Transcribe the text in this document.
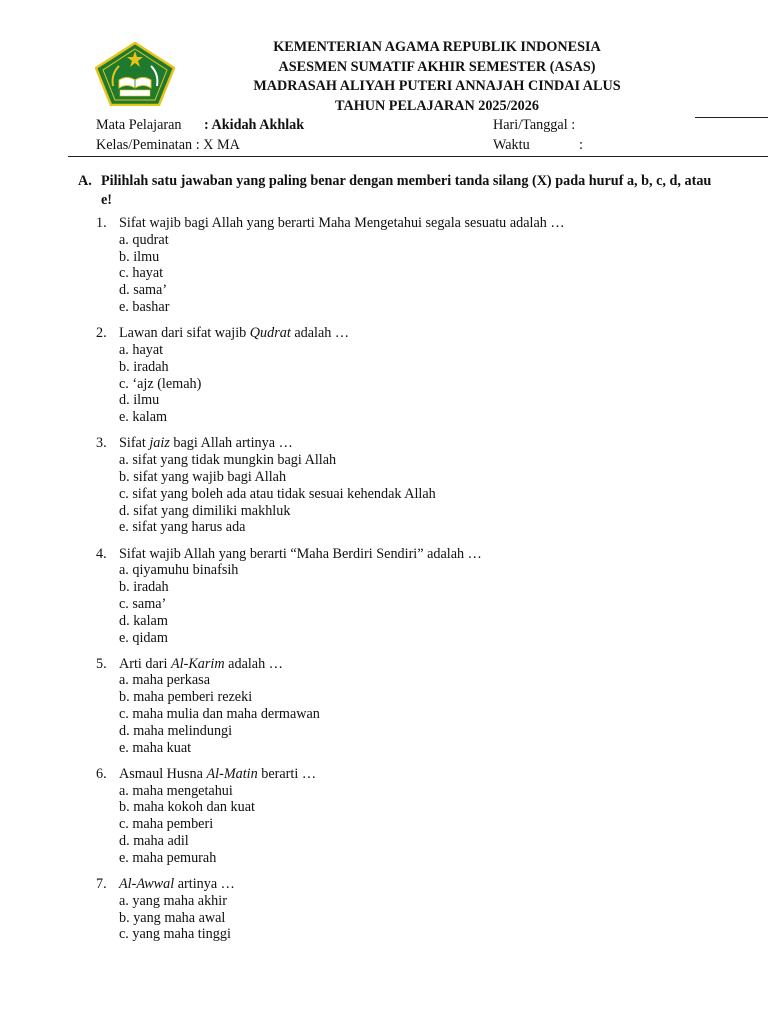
KEMENTERIAN AGAMA REPUBLIK INDONESIA
ASESMEN SUMATIF AKHIR SEMESTER (ASAS)
MADRASAH ALIYAH PUTERI ANNAJAH CINDAI ALUS
TAHUN PELAJARAN 2025/2026
Mata Pelajaran : Akidah Akhlak
Kelas/Peminatan : X MA
Hari/Tanggal :
Waktu	:
A. Pilihlah satu jawaban yang paling benar dengan memberi tanda silang (X) pada huruf a, b, c, d, atau e!
1. Sifat wajib bagi Allah yang berarti Maha Mengetahui segala sesuatu adalah …
a. qudrat
b. ilmu
c. hayat
d. sama’
e. bashar
2. Lawan dari sifat wajib Qudrat adalah …
a. hayat
b. iradah
c. ‘ajz (lemah)
d. ilmu
e. kalam
3. Sifat jaiz bagi Allah artinya …
a. sifat yang tidak mungkin bagi Allah
b. sifat yang wajib bagi Allah
c. sifat yang boleh ada atau tidak sesuai kehendak Allah
d. sifat yang dimiliki makhluk
e. sifat yang harus ada
4. Sifat wajib Allah yang berarti “Maha Berdiri Sendiri” adalah …
a. qiyamuhu binafsih
b. iradah
c. sama’
d. kalam
e. qidam
5. Arti dari Al-Karim adalah …
a. maha perkasa
b. maha pemberi rezeki
c. maha mulia dan maha dermawan
d. maha melindungi
e. maha kuat
6. Asmaul Husna Al-Matin berarti …
a. maha mengetahui
b. maha kokoh dan kuat
c. maha pemberi
d. maha adil
e. maha pemurah
7. Al-Awwal artinya …
a. yang maha akhir
b. yang maha awal
c. yang maha tinggi
